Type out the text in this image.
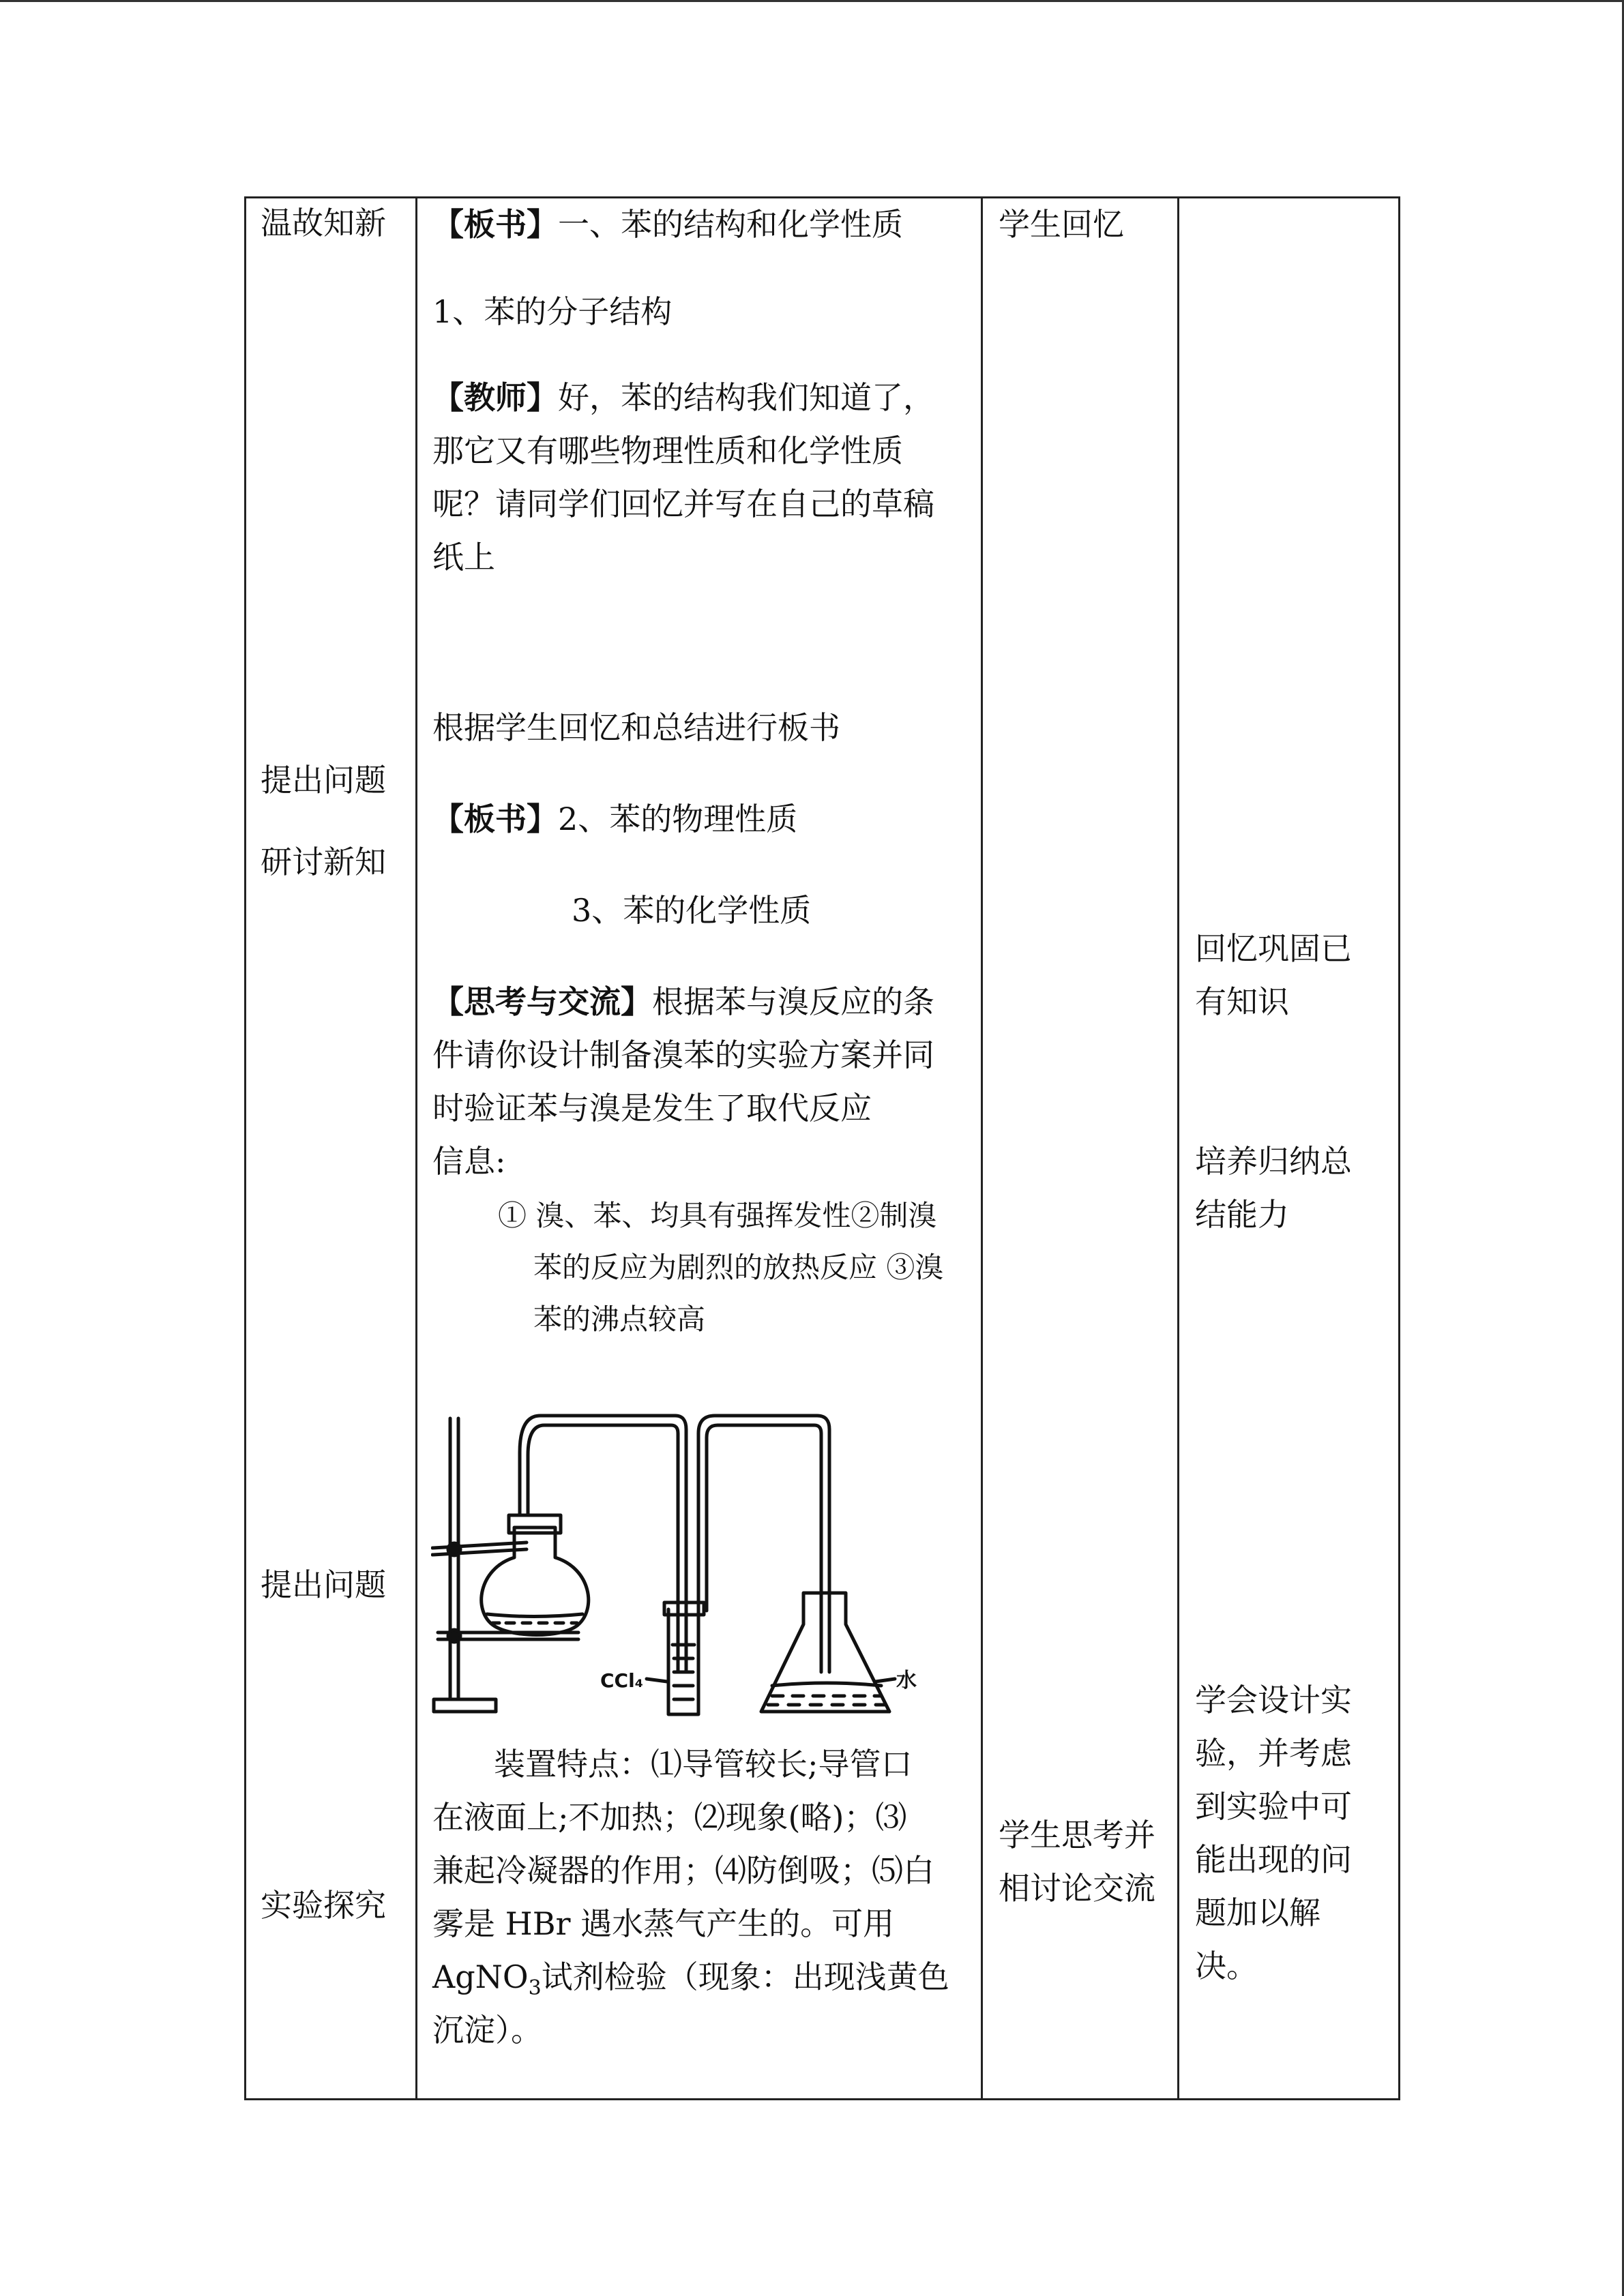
温故知新
提出问题
研讨新知
提出问题
实验探究
【板书】一、苯的结构和化学性质
1、苯的分子结构
【教师】好，苯的结构我们知道了，
那它又有哪些物理性质和化学性质
呢？请同学们回忆并写在自己的草稿
纸上
根据学生回忆和总结进行板书
【板书】2、苯的物理性质
3、苯的化学性质
【思考与交流】根据苯与溴反应的条
件请你设计制备溴苯的实验方案并同
时验证苯与溴是发生了取代反应
信息:
① 溴、苯、均具有强挥发性②制溴
苯的反应为剧烈的放热反应 ③溴
苯的沸点较高
CCl₄	水
装置特点：⑴导管较长;导管口
在液面上;不加热；⑵现象(略)；⑶
兼起冷凝器的作用；⑷防倒吸；⑸白
雾是 HBr 遇水蒸气产生的。可用
AgNO$_3$试剂检验（现象：出现浅黄色
沉淀）。
学生回忆
学生思考并
相讨论交流
回忆巩固已
有知识
培养归纳总
结能力
学会设计实
验，并考虑
到实验中可
能出现的问
题加以解
决。
